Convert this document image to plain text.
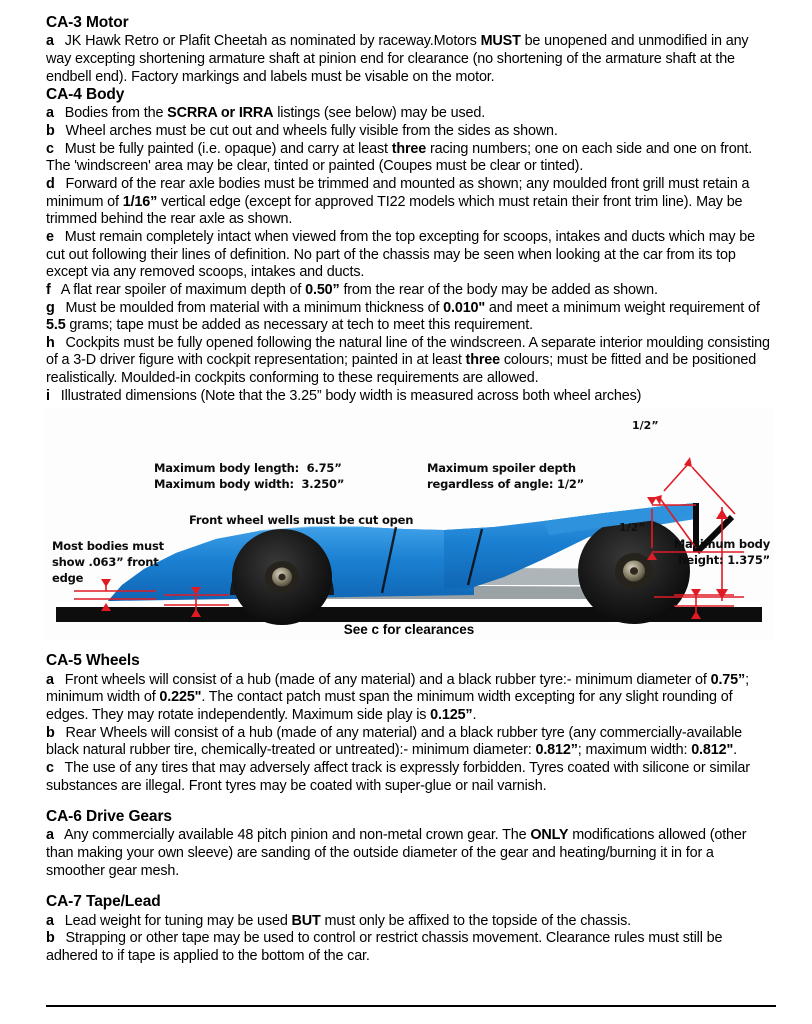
CA-3 Motor

a  JK Hawk Retro or Plafit Cheetah as nominated by raceway.Motors MUST be unopened and unmodified in any way excepting shortening armature shaft at pinion end for clearance (no shortening of the armature shaft at the endbell end). Factory markings and labels must be visable on the motor.

CA-4 Body

a  Bodies from the SCRRA or IRRA listings (see below) may be used.

b  Wheel arches must be cut out and wheels fully visible from the sides as shown.

c  Must be fully painted (i.e. opaque) and carry at least three racing numbers; one on each side and one on front. The 'windscreen' area may be clear, tinted or painted (Coupes must be clear or tinted).

d  Forward of the rear axle bodies must be trimmed and mounted as shown; any moulded front grill must retain a minimum of 1/16” vertical edge (except for approved TI22 models which must retain their front trim line). May be trimmed behind the rear axle as shown.

e  Must remain completely intact when viewed from the top excepting for scoops, intakes and ducts which may be cut out following their lines of definition. No part of the chassis may be seen when looking at the car from its top except via any removed scoops, intakes and ducts.

f  A flat rear spoiler of maximum depth of 0.50” from the rear of the body may be added as shown.

g  Must be moulded from material with a minimum thickness of 0.010" and meet a minimum weight requirement of 5.5 grams; tape must be added as necessary at tech to meet this requirement.

h  Cockpits must be fully opened following the natural line of the windscreen. A separate interior moulding consisting of a 3-D driver figure with cockpit representation; painted in at least three colours; must be fitted and be positioned realistically. Moulded-in cockpits conforming to these requirements are allowed.

i  Illustrated dimensions (Note that the 3.25” body width is measured across both wheel arches)

Maximum body length:  6.75”
Maximum body width:  3.250”
Front wheel wells must be cut open
Maximum spoiler depth
regardless of angle: 1/2”
Most bodies must
show .063” front
edge
Maximum body
height: 1.375”
1/2”
1/2”
See c for clearances
CA-5 Wheels

a  Front wheels will consist of a hub (made of any material) and a black rubber tyre:- minimum diameter of 0.75”; minimum width of 0.225". The contact patch must span the minimum width excepting for any slight rounding of edges. They may rotate independently. Maximum side play is 0.125”.

b  Rear Wheels will consist of a hub (made of any material) and a black rubber tyre (any commercially-available black natural rubber tire, chemically-treated or untreated):- minimum diameter: 0.812”; maximum width: 0.812".

c  The use of any tires that may adversely affect track is expressly forbidden. Tyres coated with silicone or similar substances are illegal. Front tyres may be coated with super-glue or nail varnish.

CA-6 Drive Gears

a  Any commercially available 48 pitch pinion and non-metal crown gear. The ONLY modifications allowed (other than making your own sleeve) are sanding of the outside diameter of the gear and heating/burning it in for a smoother gear mesh.

CA-7 Tape/Lead

a  Lead weight for tuning may be used BUT must only be affixed to the topside of the chassis.

b  Strapping or other tape may be used to control or restrict chassis movement. Clearance rules must still be adhered to if tape is applied to the bottom of the car.
